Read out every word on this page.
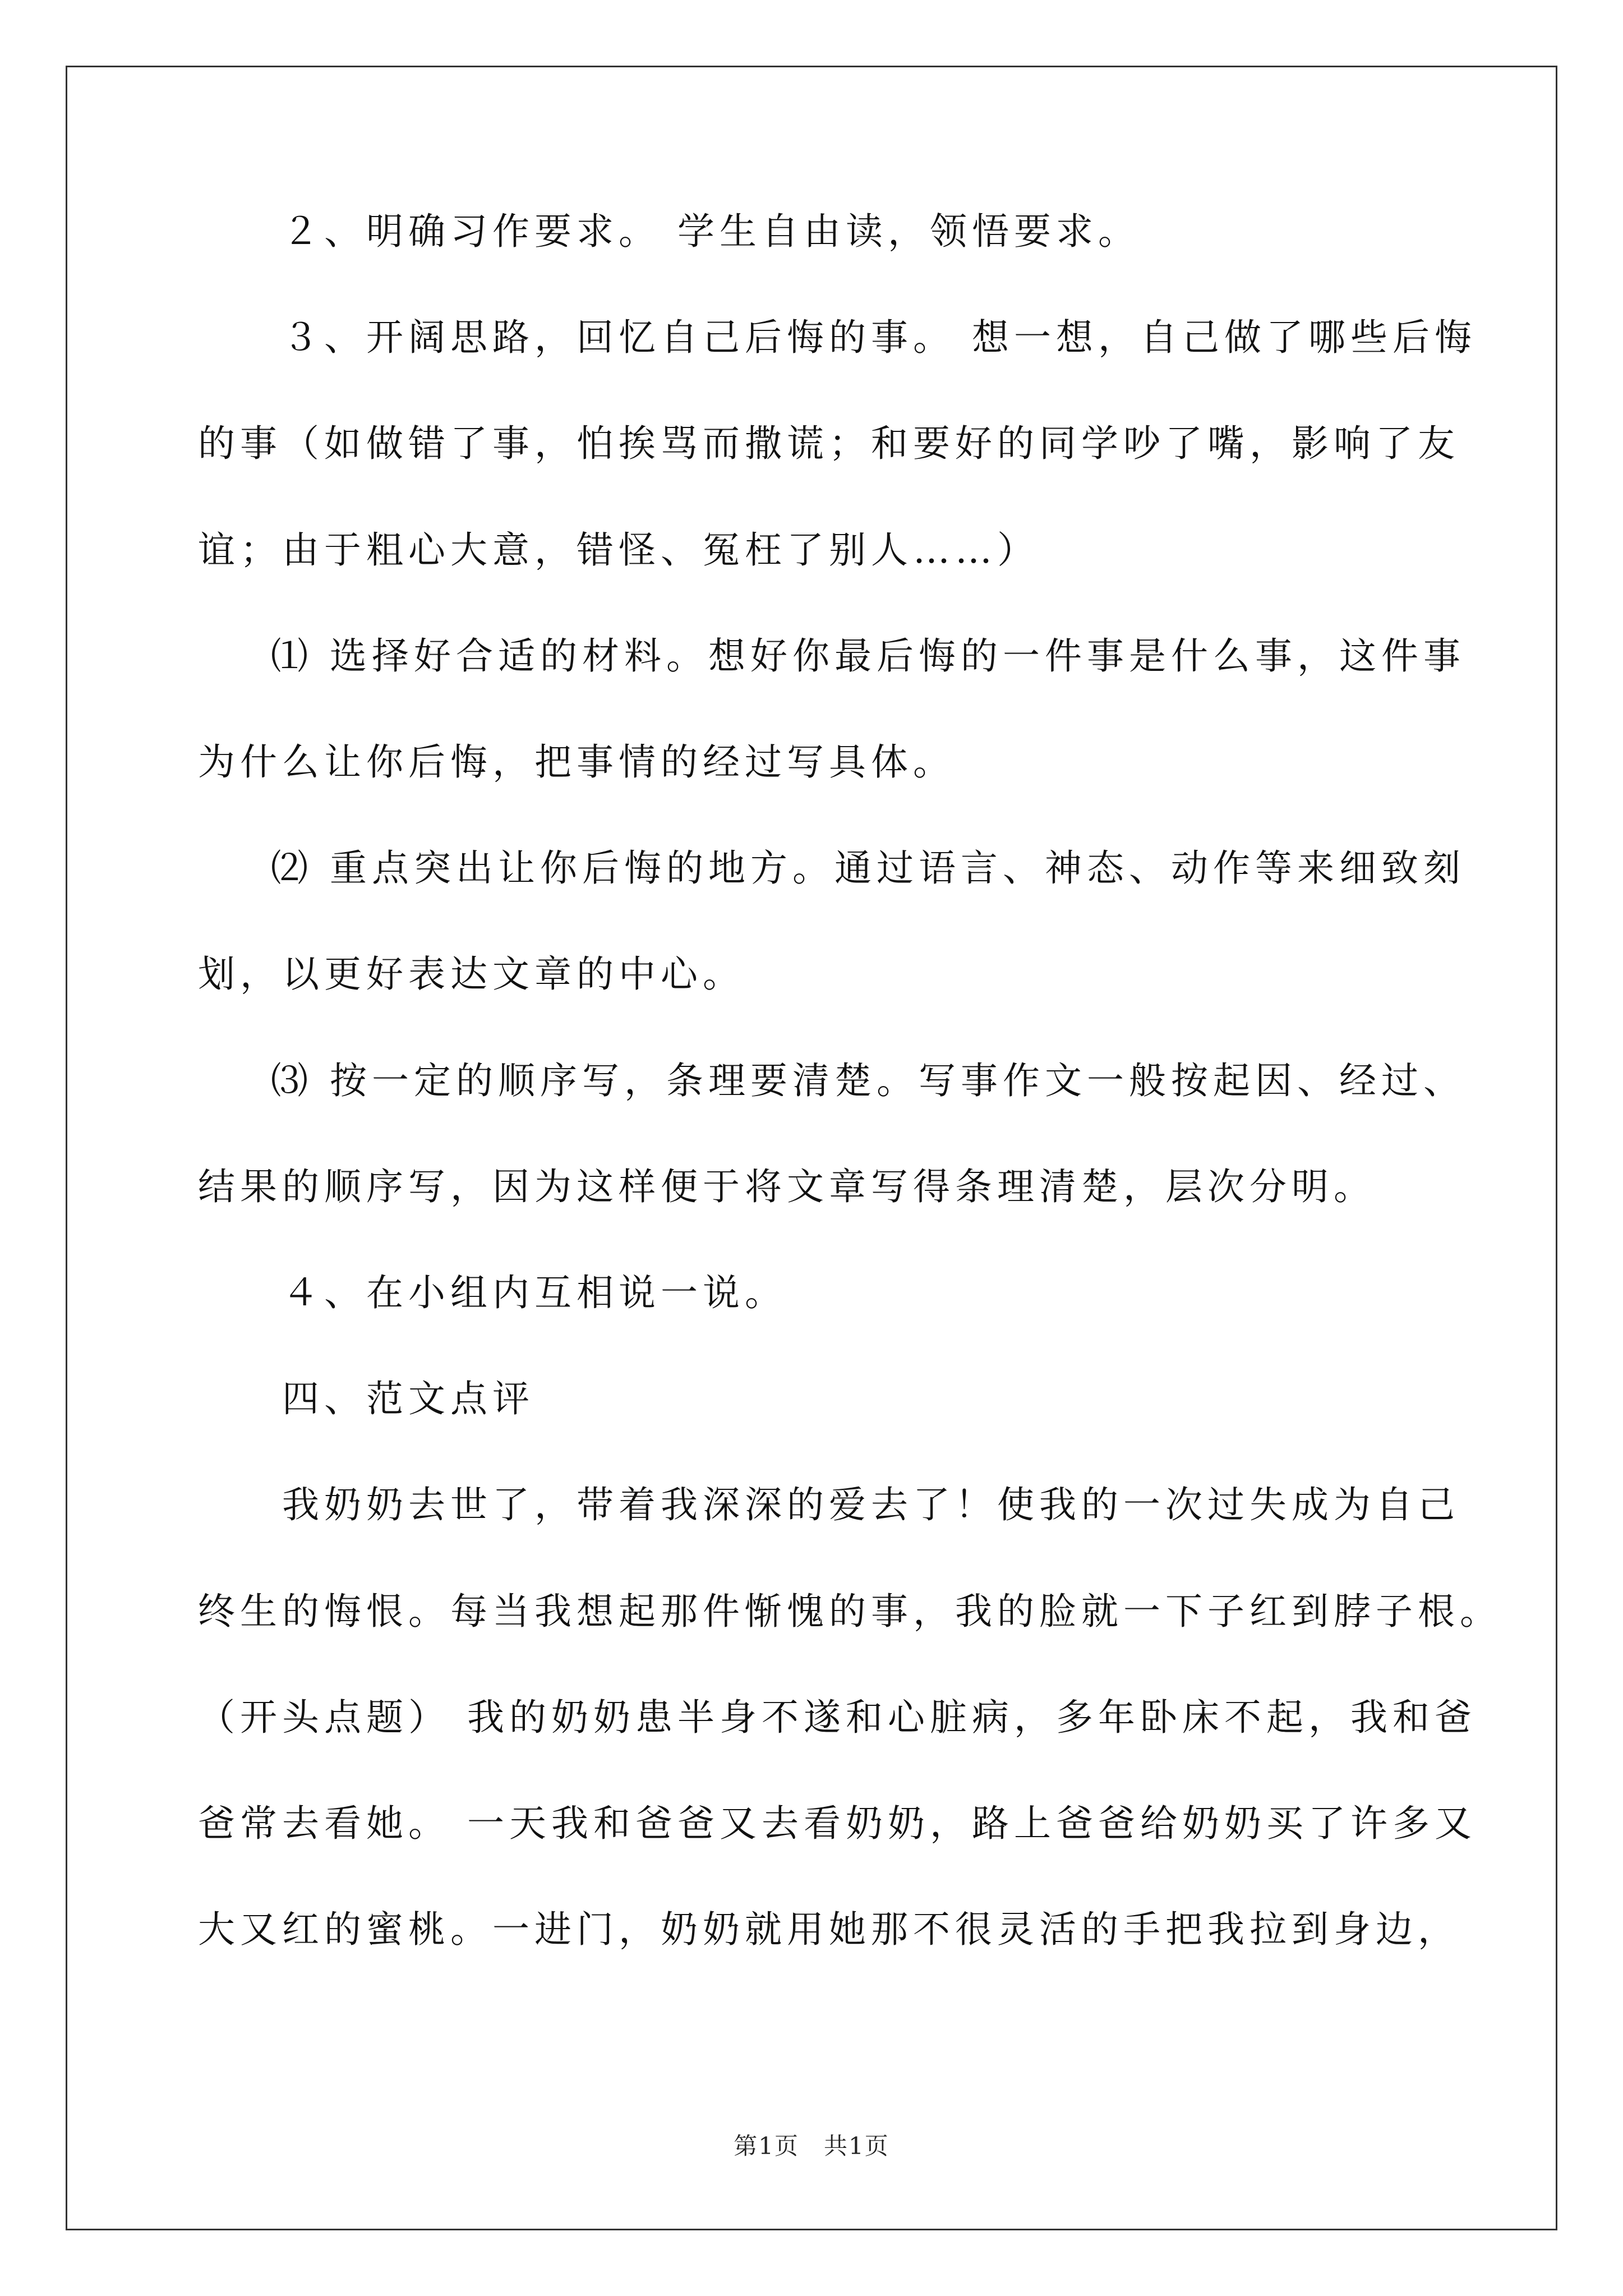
２、明确习作要求。 学生自由读，领悟要求。
３、开阔思路，回忆自己后悔的事。 想一想，自己做了哪些后悔
的事（如做错了事，怕挨骂而撒谎；和要好的同学吵了嘴，影响了友
谊；由于粗心大意，错怪、冤枉了别人……）
⑴ 选择好合适的材料。想好你最后悔的一件事是什么事，这件事
为什么让你后悔，把事情的经过写具体。
⑵ 重点突出让你后悔的地方。通过语言、神态、动作等来细致刻
划，以更好表达文章的中心。
⑶ 按一定的顺序写，条理要清楚。写事作文一般按起因、经过、
结果的顺序写，因为这样便于将文章写得条理清楚，层次分明。
４、在小组内互相说一说。
四、范文点评
我奶奶去世了，带着我深深的爱去了！使我的一次过失成为自己
终生的悔恨。每当我想起那件惭愧的事，我的脸就一下子红到脖子根。
（开头点题） 我的奶奶患半身不遂和心脏病，多年卧床不起，我和爸
爸常去看她。 一天我和爸爸又去看奶奶，路上爸爸给奶奶买了许多又
大又红的蜜桃。一进门，奶奶就用她那不很灵活的手把我拉到身边，
第1页　共1页
